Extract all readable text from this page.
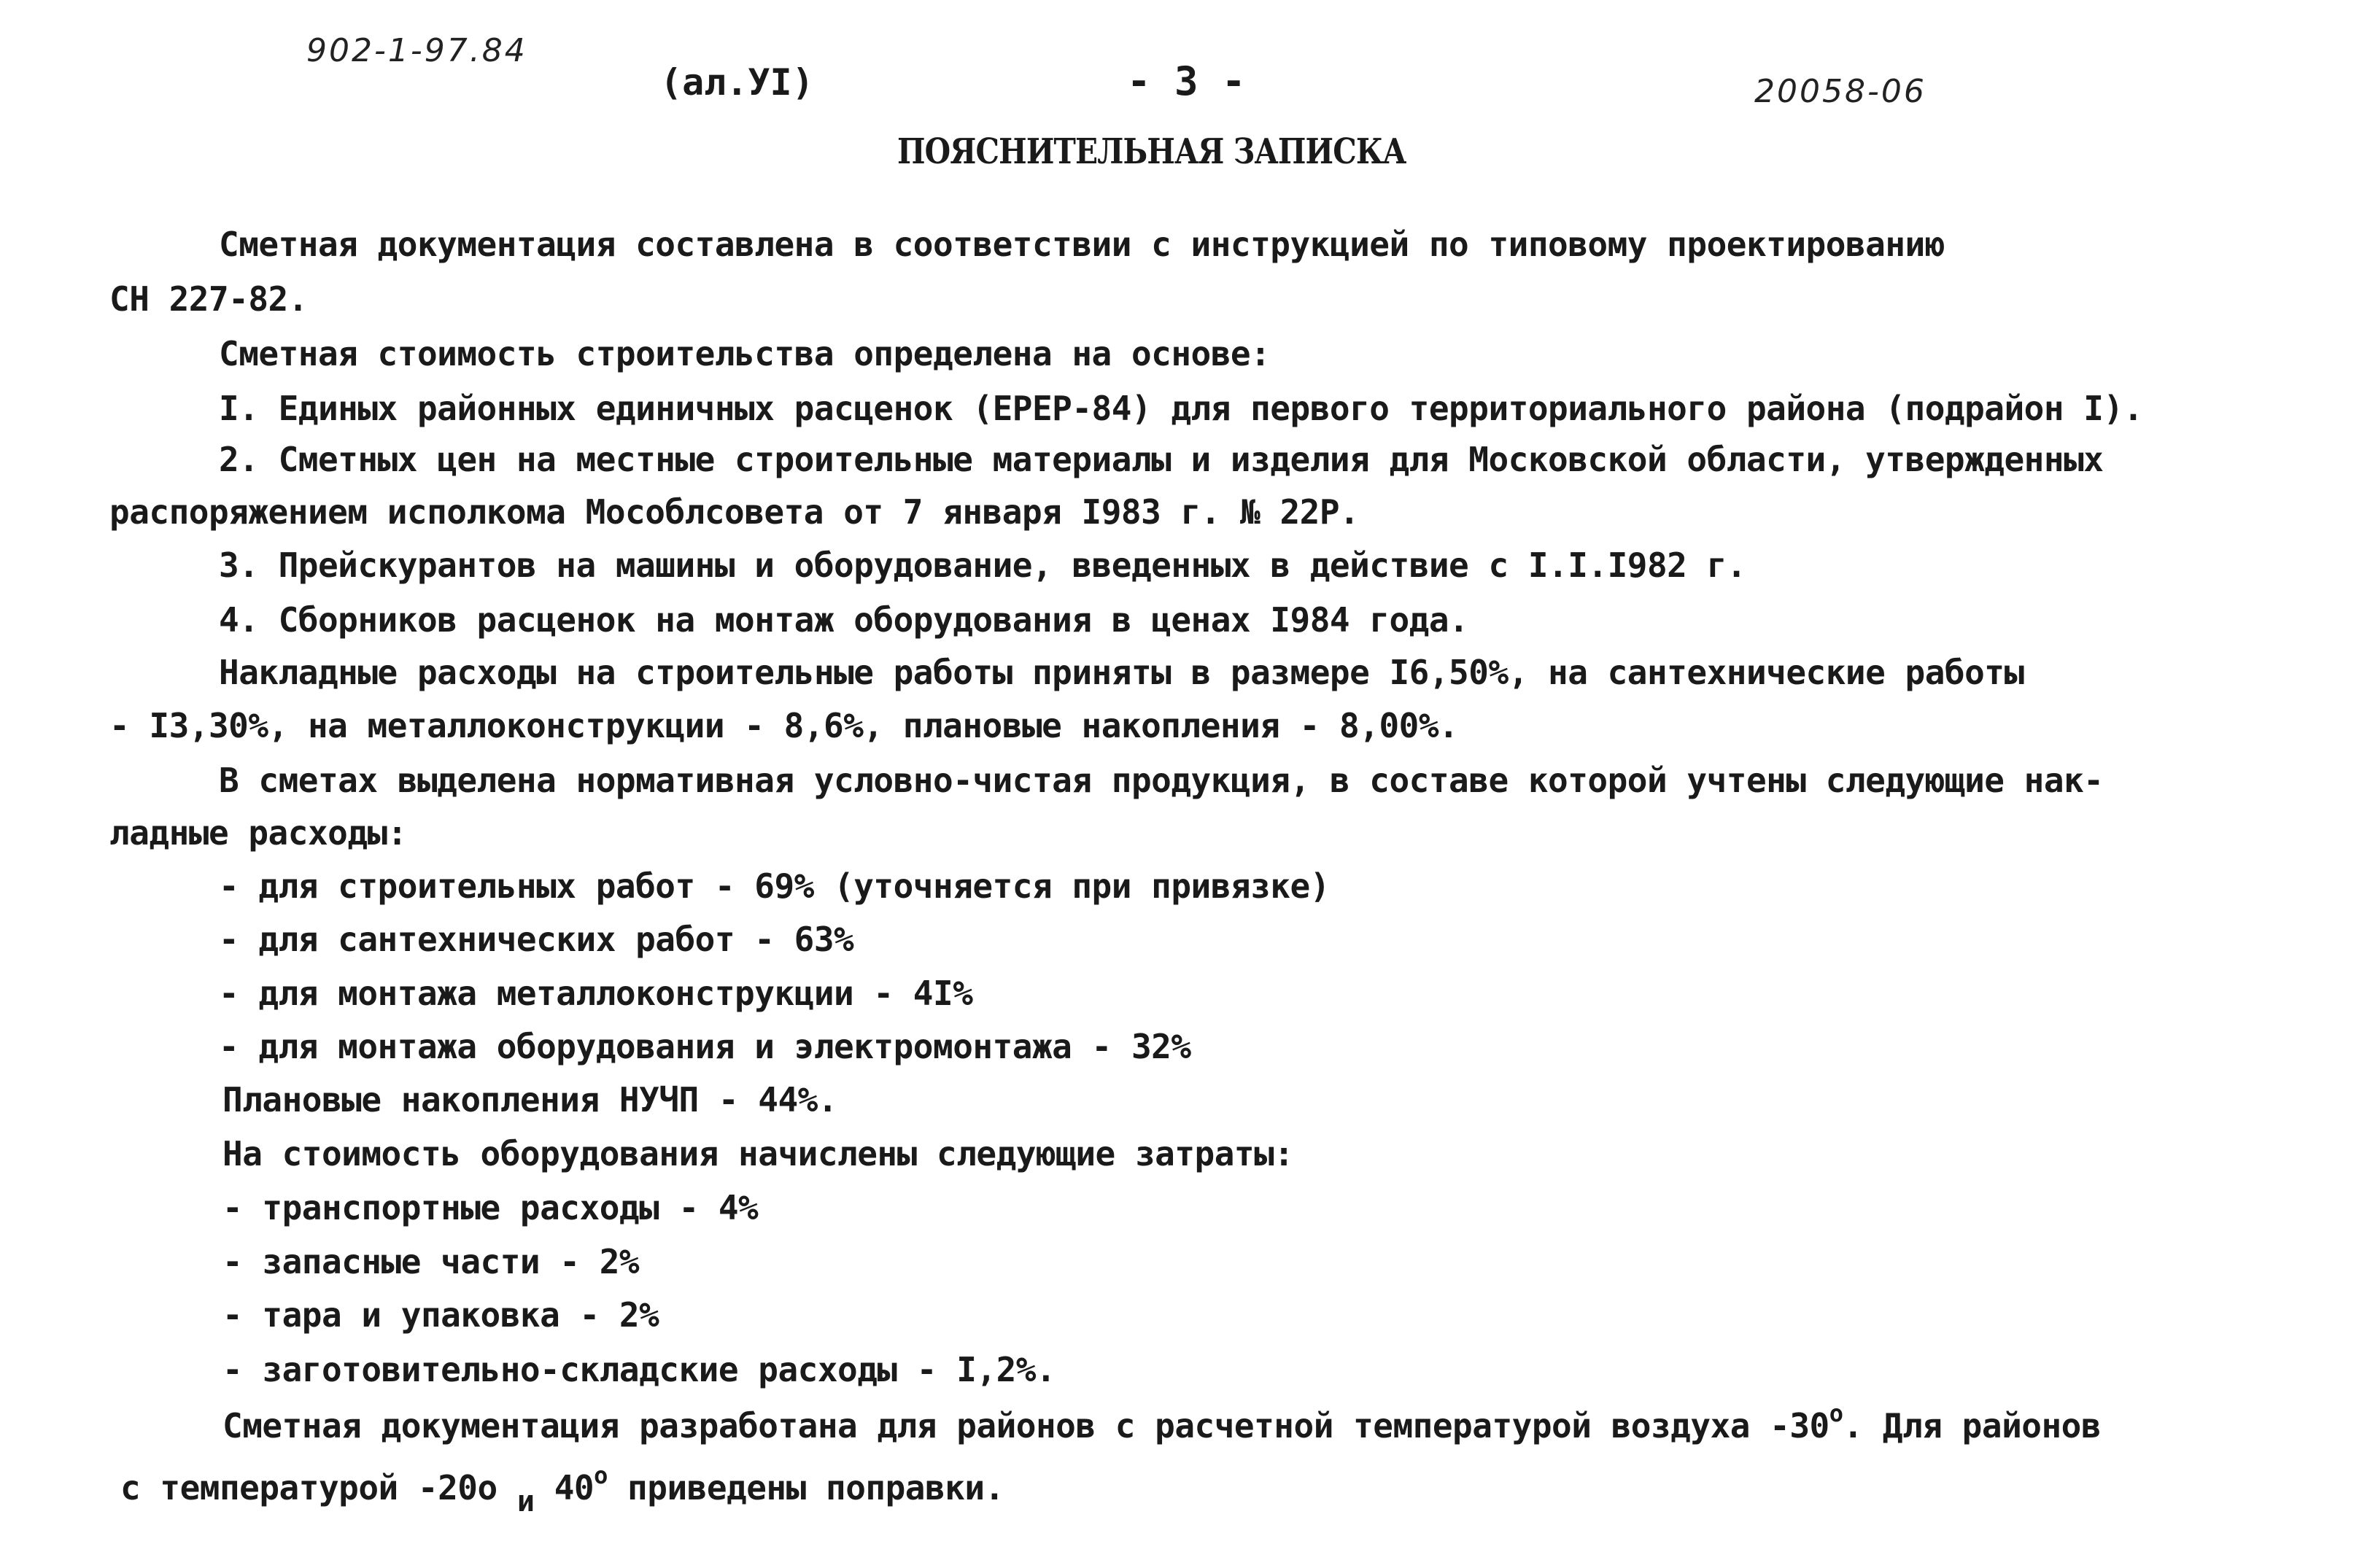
902-1-97.84
(ал.УI)	- 3 -	20058-06
ПОЯСНИТЕЛЬНАЯ ЗАПИСКА
Сметная документация составлена в соответствии с инструкцией по типовому проектированию
СН 227-82.
Сметная стоимость строительства определена на основе:
I. Единых районных единичных расценок (ЕРЕР-84) для первого территориального района (подрайон I).
2. Сметных цен на местные строительные материалы и изделия для Московской области, утвержденных
распоряжением исполкома Мособлсовета от 7 января I983 г. № 22Р.
3. Прейскурантов на машины и оборудование, введенных в действие с I.I.I982 г.
4. Сборников расценок на монтаж оборудования в ценах I984 года.
Накладные расходы на строительные работы приняты в размере I6,50%, на сантехнические работы
- I3,30%, на металлоконструкции - 8,6%, плановые накопления - 8,00%.
В сметах выделена нормативная условно-чистая продукция, в составе которой учтены следующие нак-
ладные расходы:
- для строительных работ - 69% (уточняется при привязке)
- для сантехнических работ - 63%
- для монтажа металлоконструкции - 4I%
- для монтажа оборудования и электромонтажа - 32%
Плановые накопления НУЧП - 44%.
На стоимость оборудования начислены следующие затраты:
- транспортные расходы - 4%
- запасные части - 2%
- тара и упаковка - 2%
- заготовительно-складские расходы - I,2%.
Сметная документация разработана для районов с расчетной температурой воздуха -30$^o$. Для районов
с температурой -20о и 40$^o$ приведены поправки.
